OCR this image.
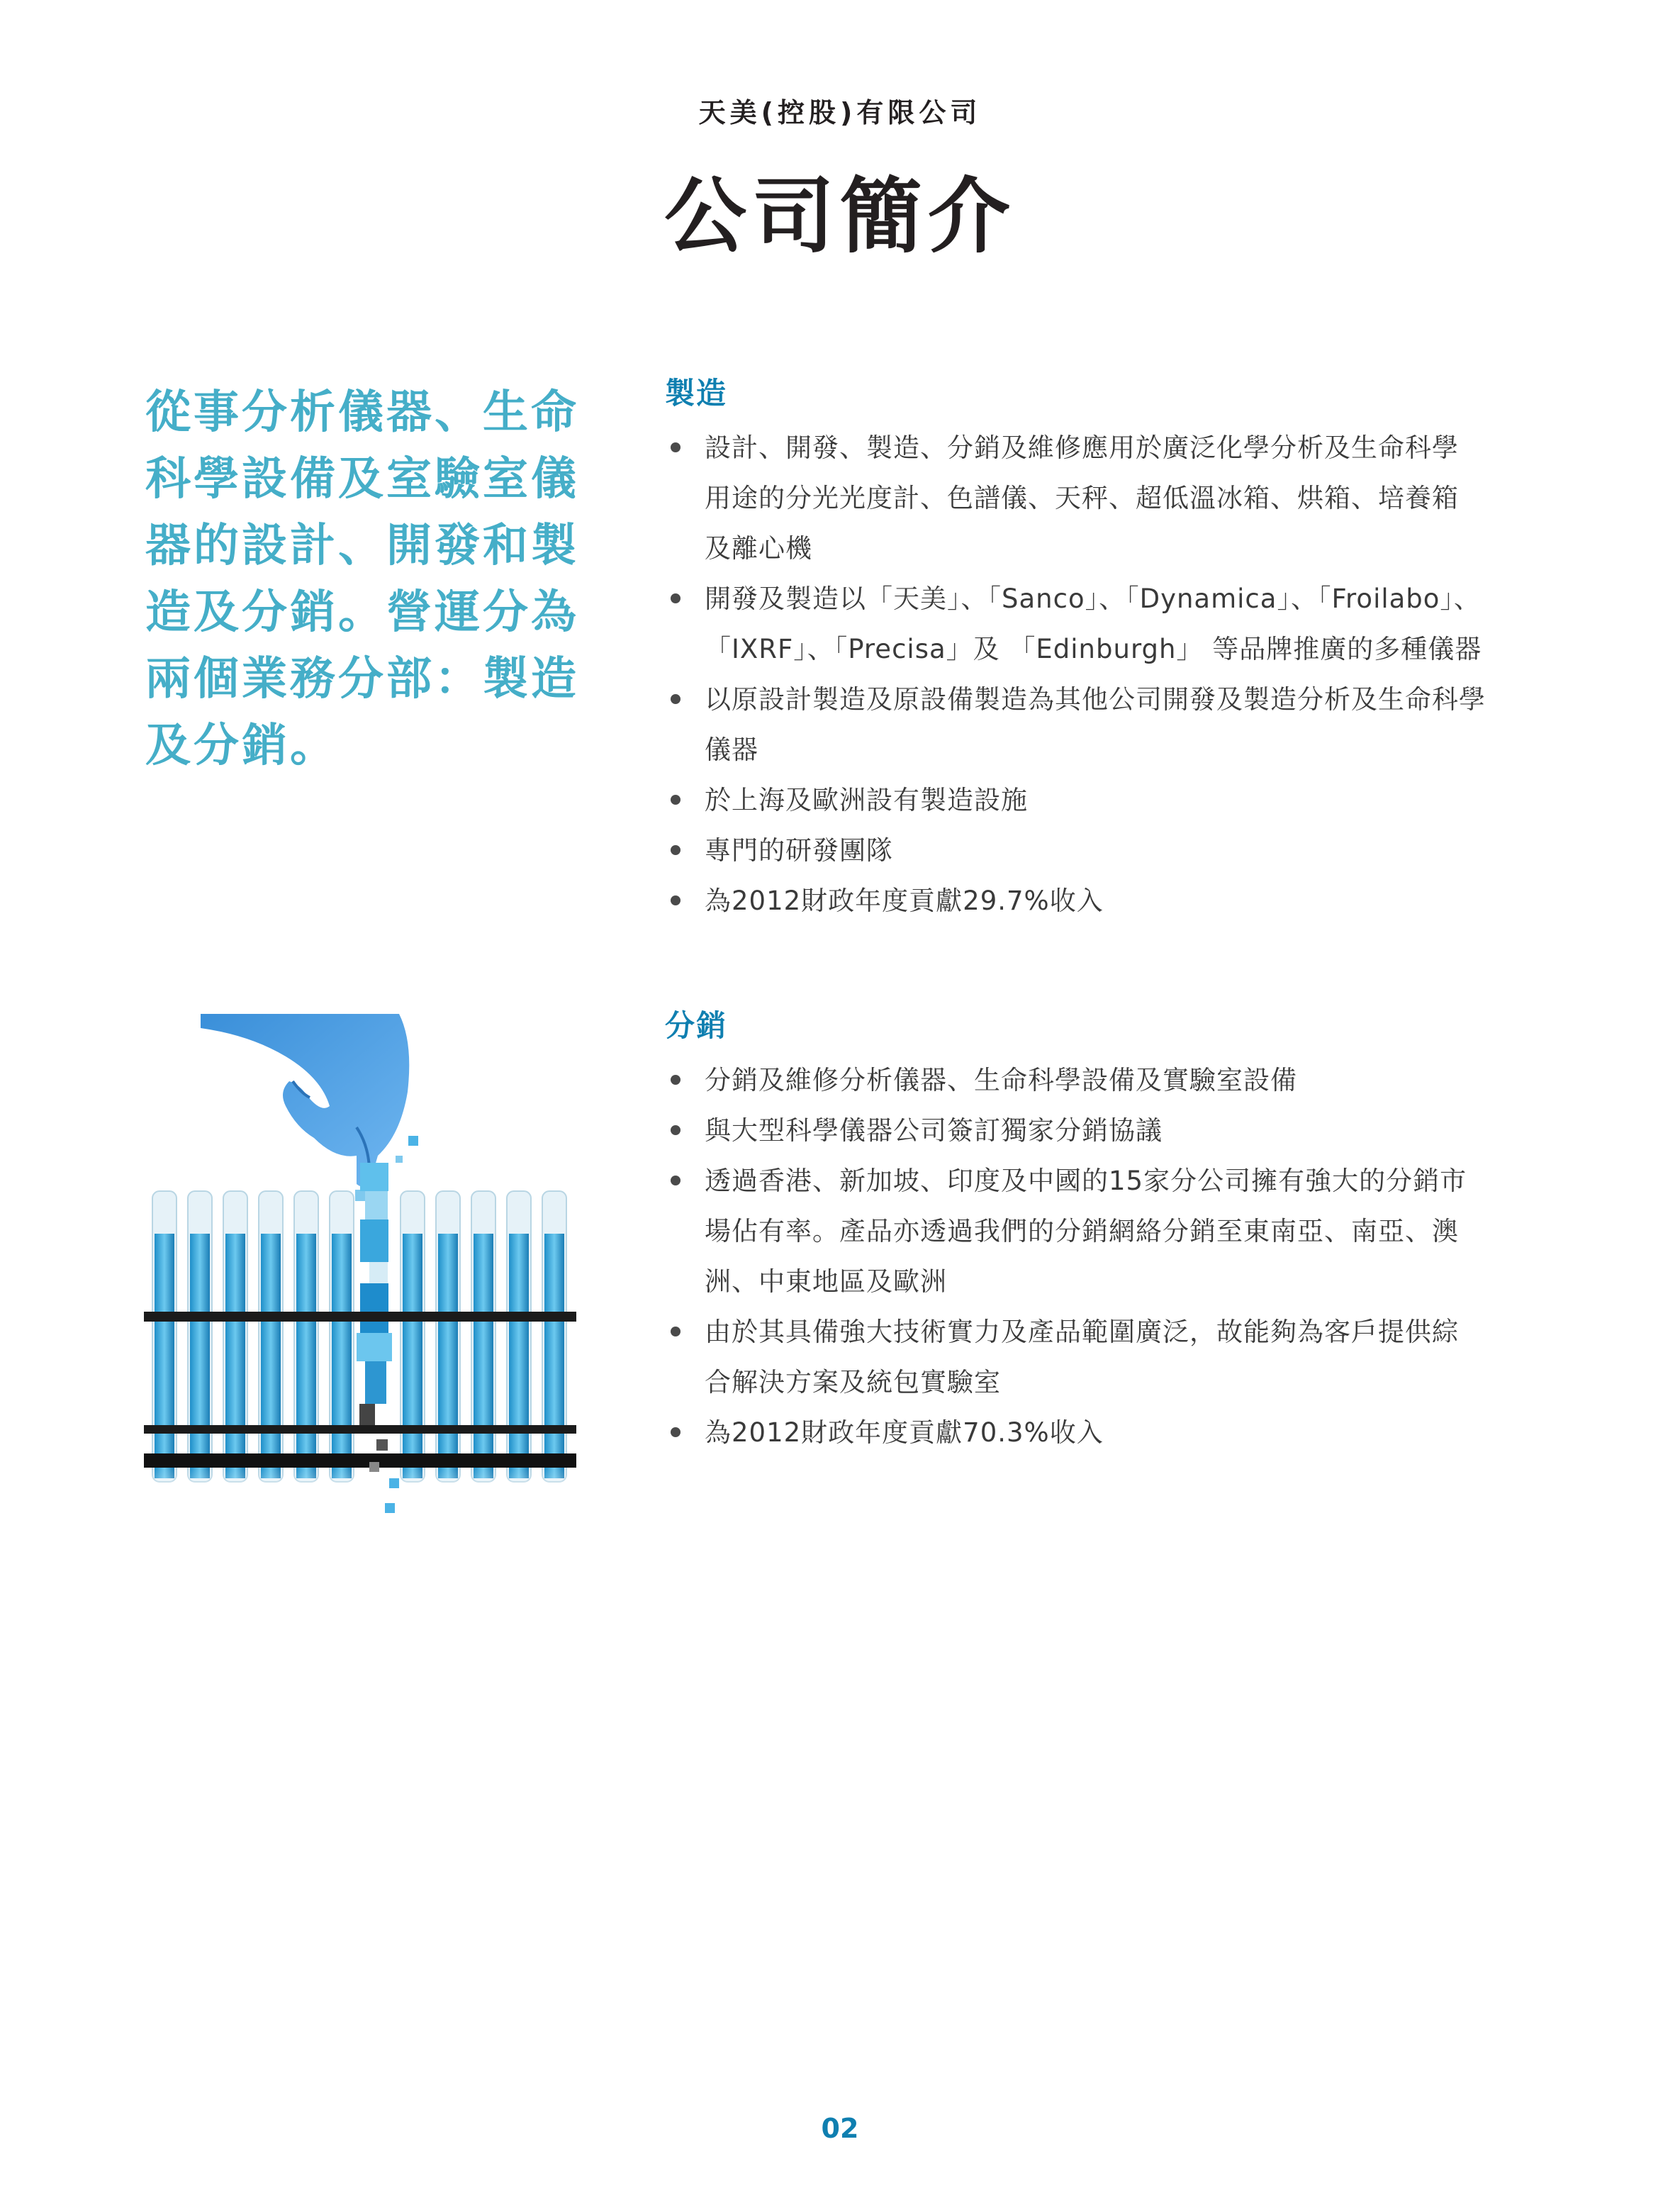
天美(控股)有限公司
公司簡介
從事分析儀器、生命
科學設備及室驗室儀
器的設計、開發和製
造及分銷。營運分為
兩個業務分部：製造
及分銷。
製造
設計、開發、製造、分銷及維修應用於廣泛化學分析及生命科學
用途的分光光度計、色譜儀、天秤、超低溫冰箱、烘箱、培養箱
及離心機
開發及製造以「天美」、「Sanco」、「Dynamica」、「Froilabo」、
「IXRF」、「Precisa」及 「Edinburgh」 等品牌推廣的多種儀器
以原設計製造及原設備製造為其他公司開發及製造分析及生命科學
儀器
於上海及歐洲設有製造設施
專門的研發團隊
為2012財政年度貢獻29.7%收入
分銷
分銷及維修分析儀器、生命科學設備及實驗室設備
與大型科學儀器公司簽訂獨家分銷協議
透過香港、新加坡、印度及中國的15家分公司擁有強大的分銷市
場佔有率。產品亦透過我們的分銷網絡分銷至東南亞、南亞、澳
洲、中東地區及歐洲
由於其具備強大技術實力及產品範圍廣泛，故能夠為客戶提供綜
合解決方案及統包實驗室
為2012財政年度貢獻70.3%收入
02
